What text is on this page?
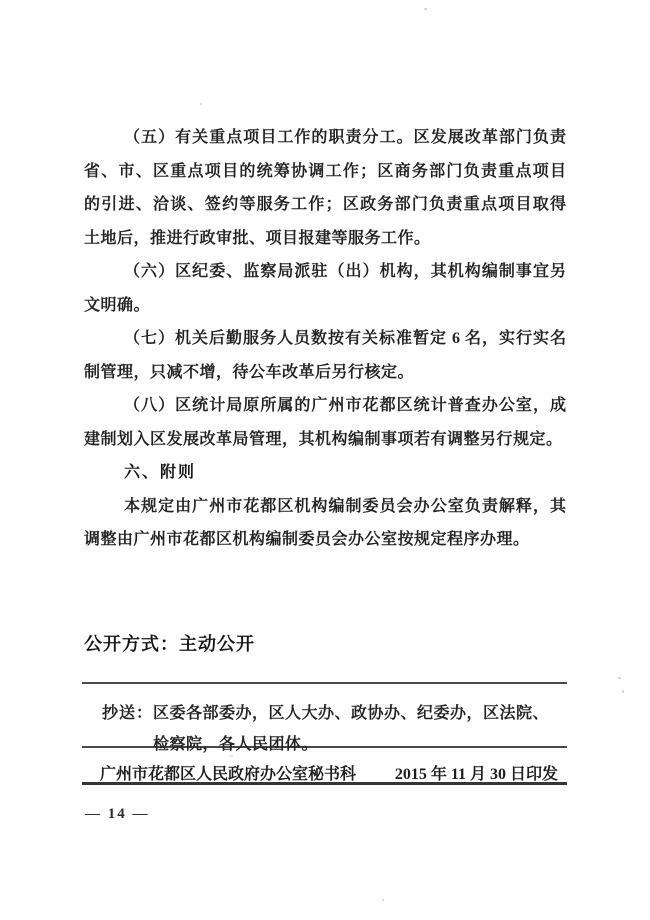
（五）有关重点项目工作的职责分工。区发展改革部门负责
省、市、区重点项目的统筹协调工作；区商务部门负责重点项目
的引进、洽谈、签约等服务工作；区政务部门负责重点项目取得
土地后，推进行政审批、项目报建等服务工作。
（六）区纪委、监察局派驻（出）机构，其机构编制事宜另
文明确。
（七）机关后勤服务人员数按有关标准暂定 6 名，实行实名
制管理，只减不增，待公车改革后另行核定。
（八）区统计局原所属的广州市花都区统计普查办公室，成
建制划入区发展改革局管理，其机构编制事项若有调整另行规定。
六、附则
本规定由广州市花都区机构编制委员会办公室负责解释，其
调整由广州市花都区机构编制委员会办公室按规定程序办理。
公开方式：主动公开
抄送： 区委各部委办，区人大办、政协办、纪委办，区法院、
检察院，各人民团体。
广州市花都区人民政府办公室秘书科 2015 年 11 月 30 日印发
— 14 —
